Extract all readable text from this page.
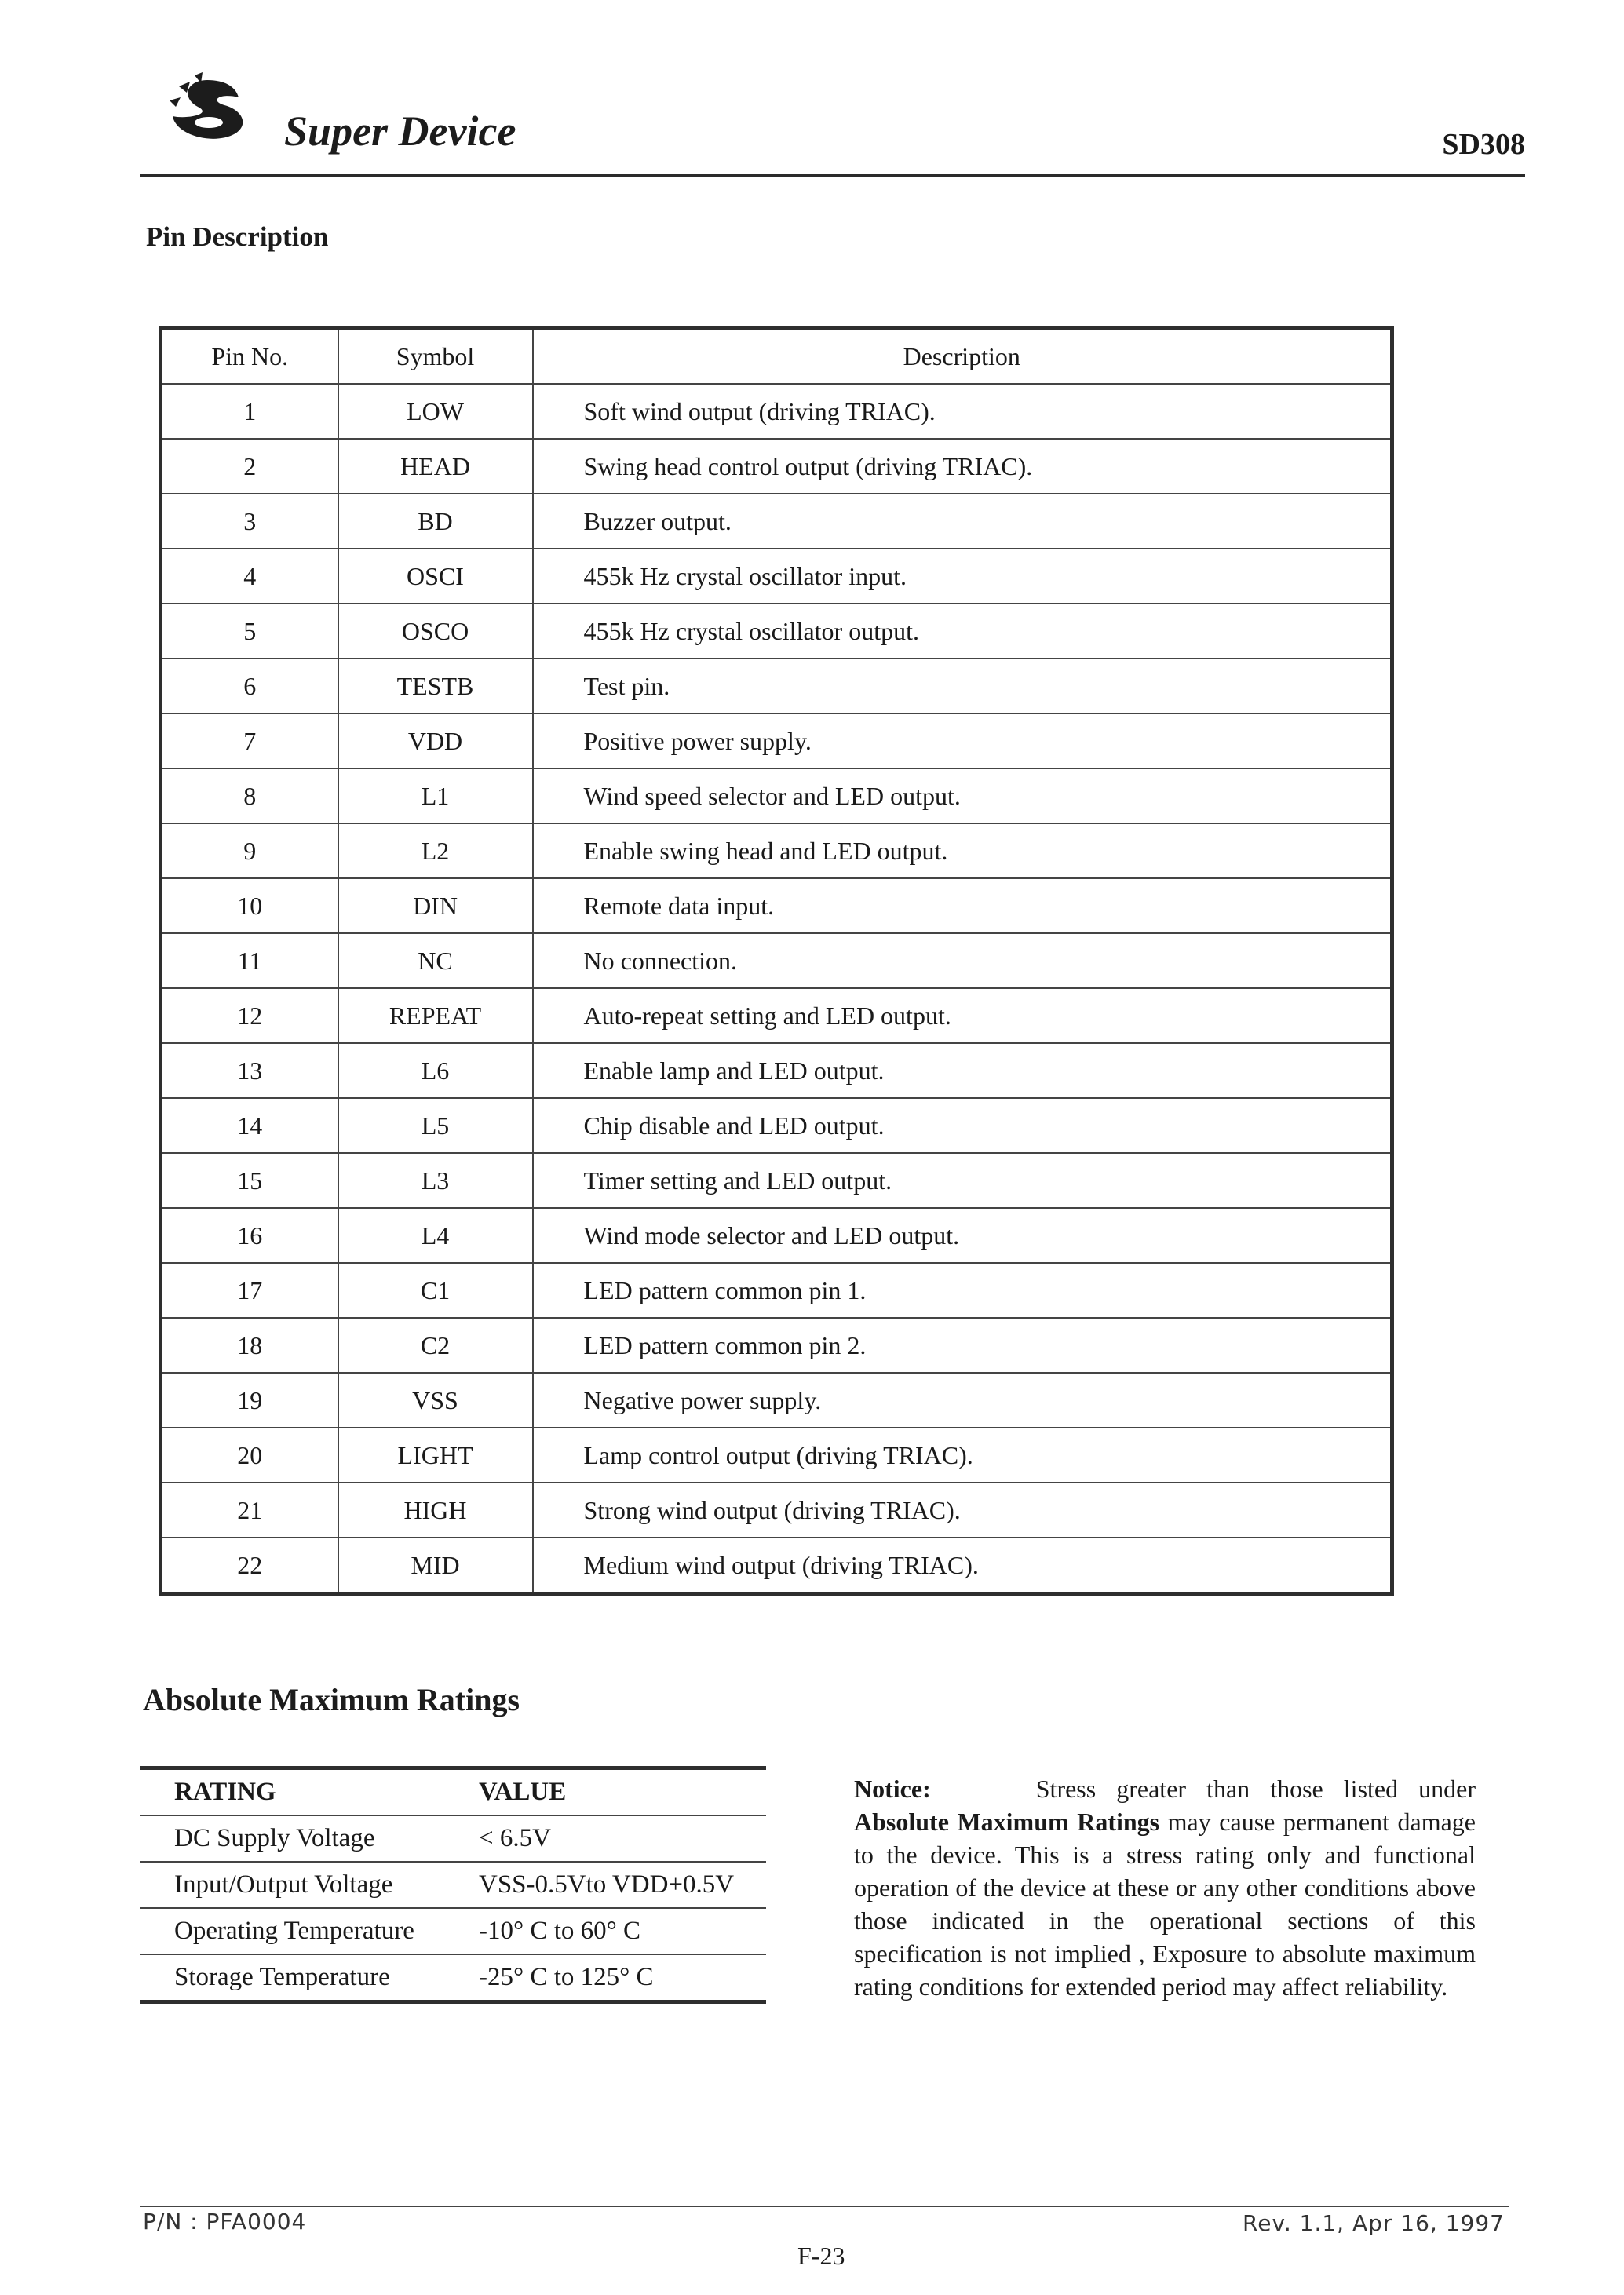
Super Device	SD308
Pin Description
Pin No.	Symbol	Description
1	LOW	Soft wind output (driving TRIAC).
2	HEAD	Swing head control output (driving TRIAC).
3	BD	Buzzer output.
4	OSCI	455k Hz crystal oscillator input.
5	OSCO	455k Hz crystal oscillator output.
6	TESTB	Test pin.
7	VDD	Positive power supply.
8	L1	Wind speed selector and LED output.
9	L2	Enable swing head and LED output.
10	DIN	Remote data input.
11	NC	No connection.
12	REPEAT	Auto-repeat setting and LED output.
13	L6	Enable lamp and LED output.
14	L5	Chip disable and LED output.
15	L3	Timer setting and LED output.
16	L4	Wind mode selector and LED output.
17	C1	LED pattern common pin 1.
18	C2	LED pattern common pin 2.
19	VSS	Negative power supply.
20	LIGHT	Lamp control output (driving TRIAC).
21	HIGH	Strong wind output (driving TRIAC).
22	MID	Medium wind output (driving TRIAC).
Absolute Maximum Ratings
RATING	VALUE
DC Supply Voltage	< 6.5V
Input/Output Voltage	VSS-0.5Vto VDD+0.5V
Operating Temperature	-10° C to 60° C
Storage Temperature	-25° C to 125° C
Notice:	Stress greater than those listed under Absolute Maximum Ratings may cause permanent damage to the device. This is a stress rating only and functional operation of the device at these or any other conditions above those indicated in the operational sections of this specification is not implied , Exposure to absolute maximum rating conditions for extended period may affect reliability.
P/N : PFA0004	Rev. 1.1, Apr 16, 1997
F-23
